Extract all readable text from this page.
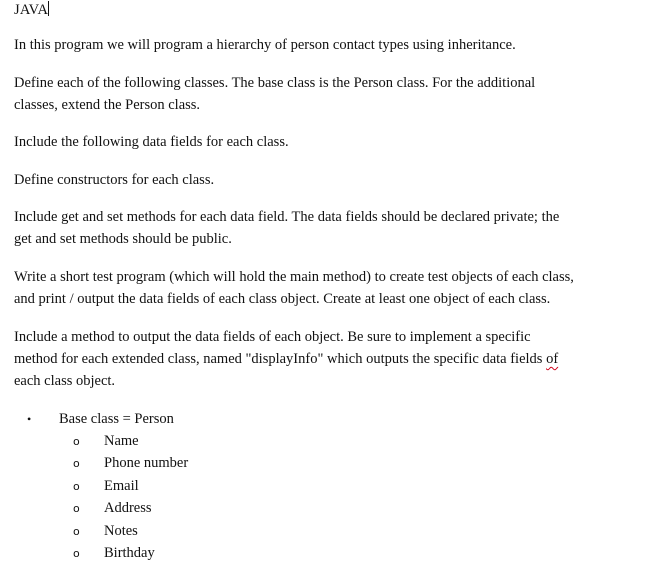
JAVA

In this program we will program a hierarchy of person contact types using inheritance.

Define each of the following classes. The base class is the Person class. For the additional
classes, extend the Person class.

Include the following data fields for each class.

Define constructors for each class.

Include get and set methods for each data field. The data fields should be declared private; the
get and set methods should be public.

Write a short test program (which will hold the main method) to create test objects of each class,
and print / output the data fields of each class object. Create at least one object of each class.

Include a method to output the data fields of each object. Be sure to implement a specific
method for each extended class, named "displayInfo" which outputs the specific data fields of
each class object.

• Base class = Person
o Name
o Phone number
o Email
o Address
o Notes
o Birthday
